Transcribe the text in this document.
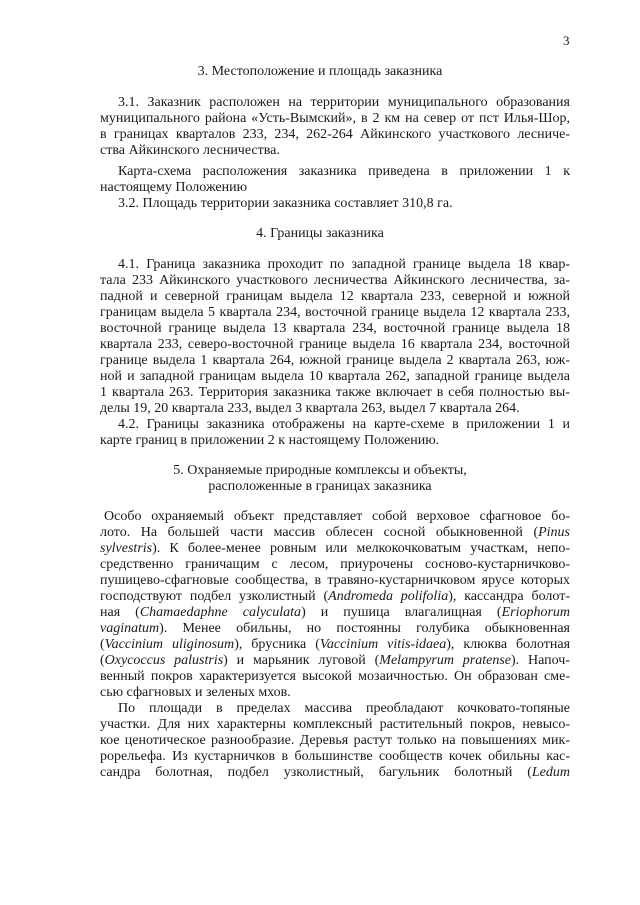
3
3. Местоположение и площадь заказника
3.1. Заказник расположен на территории муниципального образования
муниципального района «Усть-Вымский», в 2 км на север от пст Илья-Шор,
в границах кварталов 233, 234, 262-264 Айкинского участкового лесниче-
ства Айкинского лесничества.
Карта-схема расположения заказника приведена в приложении 1 к
настоящему Положению
3.2. Площадь территории заказника составляет 310,8 га.
4. Границы заказника
4.1. Граница заказника проходит по западной границе выдела 18 квар-
тала 233 Айкинского участкового лесничества Айкинского лесничества, за-
падной и северной границам выдела 12 квартала 233, северной и южной
границам выдела 5 квартала 234, восточной границе выдела 12 квартала 233,
восточной границе выдела 13 квартала 234, восточной границе выдела 18
квартала 233, северо-восточной границе выдела 16 квартала 234, восточной
границе выдела 1 квартала 264, южной границе выдела 2 квартала 263, юж-
ной и западной границам выдела 10 квартала 262, западной границе выдела
1 квартала 263. Территория заказника также включает в себя полностью вы-
делы 19, 20 квартала 233, выдел 3 квартала 263, выдел 7 квартала 264.
4.2. Границы заказника отображены на карте-схеме в приложении 1 и
карте границ в приложении 2 к настоящему Положению.
5. Охраняемые природные комплексы и объекты,
расположенные в границах заказника
Особо охраняемый объект представляет собой верховое сфагновое бо-
лото. На большей части массив облесен сосной обыкновенной (Pinus
sylvestris). К более-менее ровным или мелкокочковатым участкам, непо-
средственно граничащим с лесом, приурочены сосново-кустарничково-
пушицево-сфагновые сообщества, в травяно-кустарничковом ярусе которых
господствуют подбел узколистный (Andromeda polifolia), кассандра болот-
ная (Chamaedaphne calyculata) и пушица влагалищная (Eriophorum
vaginatum). Менее обильны, но постоянны голубика обыкновенная
(Vaccinium uliginosum), брусника (Vaccinium vitis-idaea), клюква болотная
(Oxycoccus palustris) и марьяник луговой (Melampyrum pratense). Напоч-
венный покров характеризуется высокой мозаичностью. Он образован сме-
сью сфагновых и зеленых мхов.
По площади в пределах массива преобладают кочковато-топяные
участки. Для них характерны комплексный растительный покров, невысо-
кое ценотическое разнообразие. Деревья растут только на повышениях мик-
рорельефа. Из кустарничков в большинстве сообществ кочек обильны кас-
сандра болотная, подбел узколистный, багульник болотный (Ledum
